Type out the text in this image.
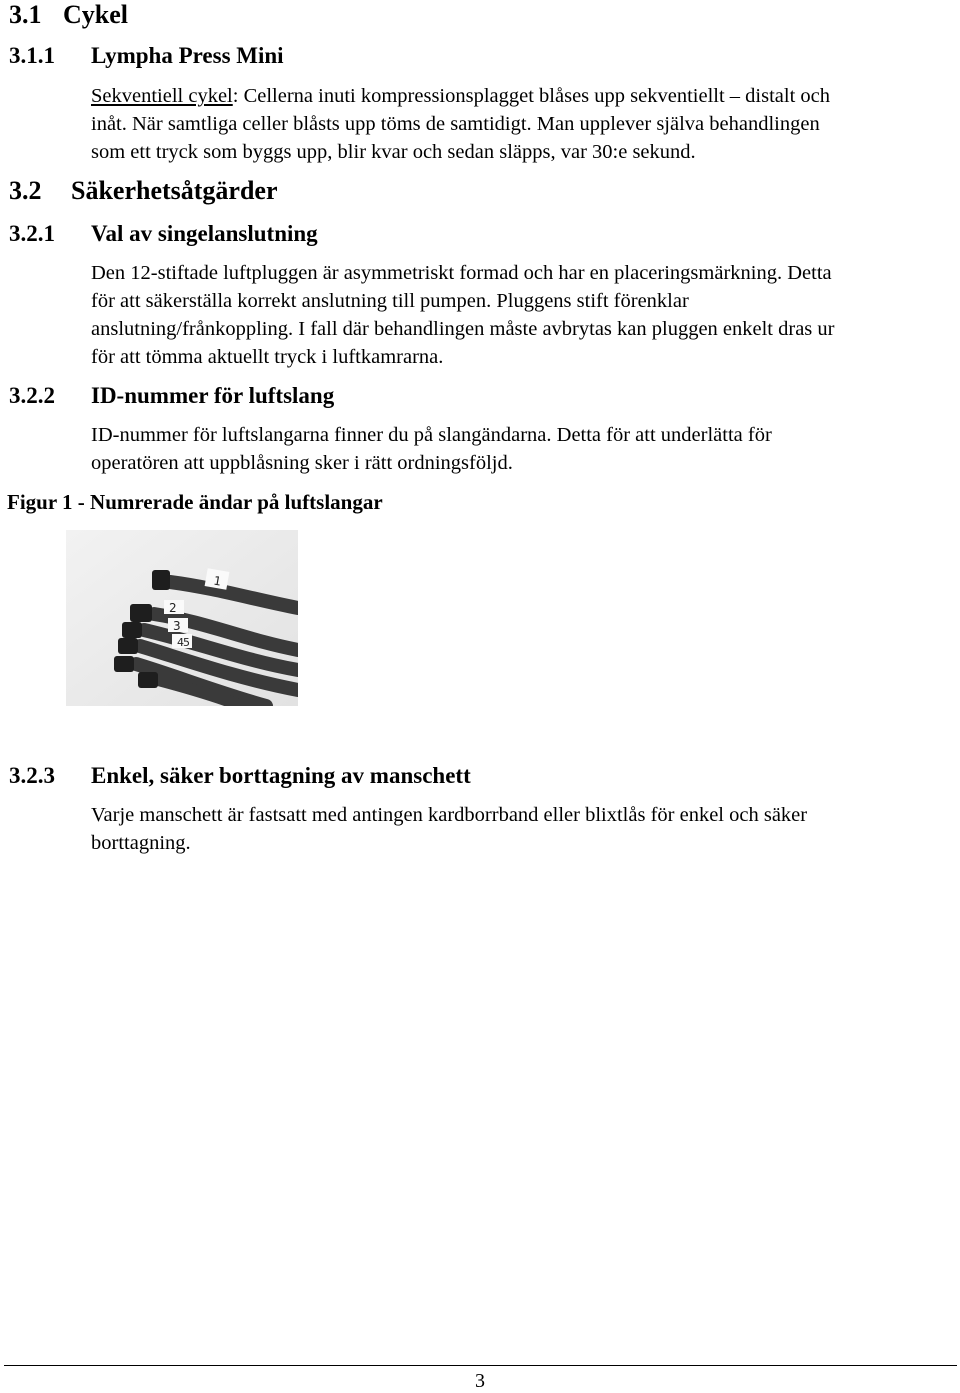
3.1 Cykel
3.1.1 Lympha Press Mini

Sekventiell cykel: Cellerna inuti kompressionsplagget blåses upp sekventiellt – distalt och

inåt. När samtliga celler blåsts upp töms de samtidigt. Man upplever själva behandlingen

som ett tryck som byggs upp, blir kvar och sedan släpps, var 30:e sekund.

3.2 Säkerhetsåtgärder
3.2.1 Val av singelanslutning

Den 12-stiftade luftpluggen är asymmetriskt formad och har en placeringsmärkning. Detta

för att säkerställa korrekt anslutning till pumpen. Pluggens stift förenklar

anslutning/frånkoppling. I fall där behandlingen måste avbrytas kan pluggen enkelt dras ur

för att tömma aktuellt tryck i luftkamrarna.

3.2.2 ID-nummer för luftslang

ID-nummer för luftslangarna finner du på slangändarna. Detta för att underlätta för

operatören att uppblåsning sker i rätt ordningsföljd.

Figur 1 - Numrerade ändar på luftslangar
1
2
3
4 5
3.2.3 Enkel, säker borttagning av manschett

Varje manschett är fastsatt med antingen kardborrband eller blixtlås för enkel och säker

borttagning.

3
